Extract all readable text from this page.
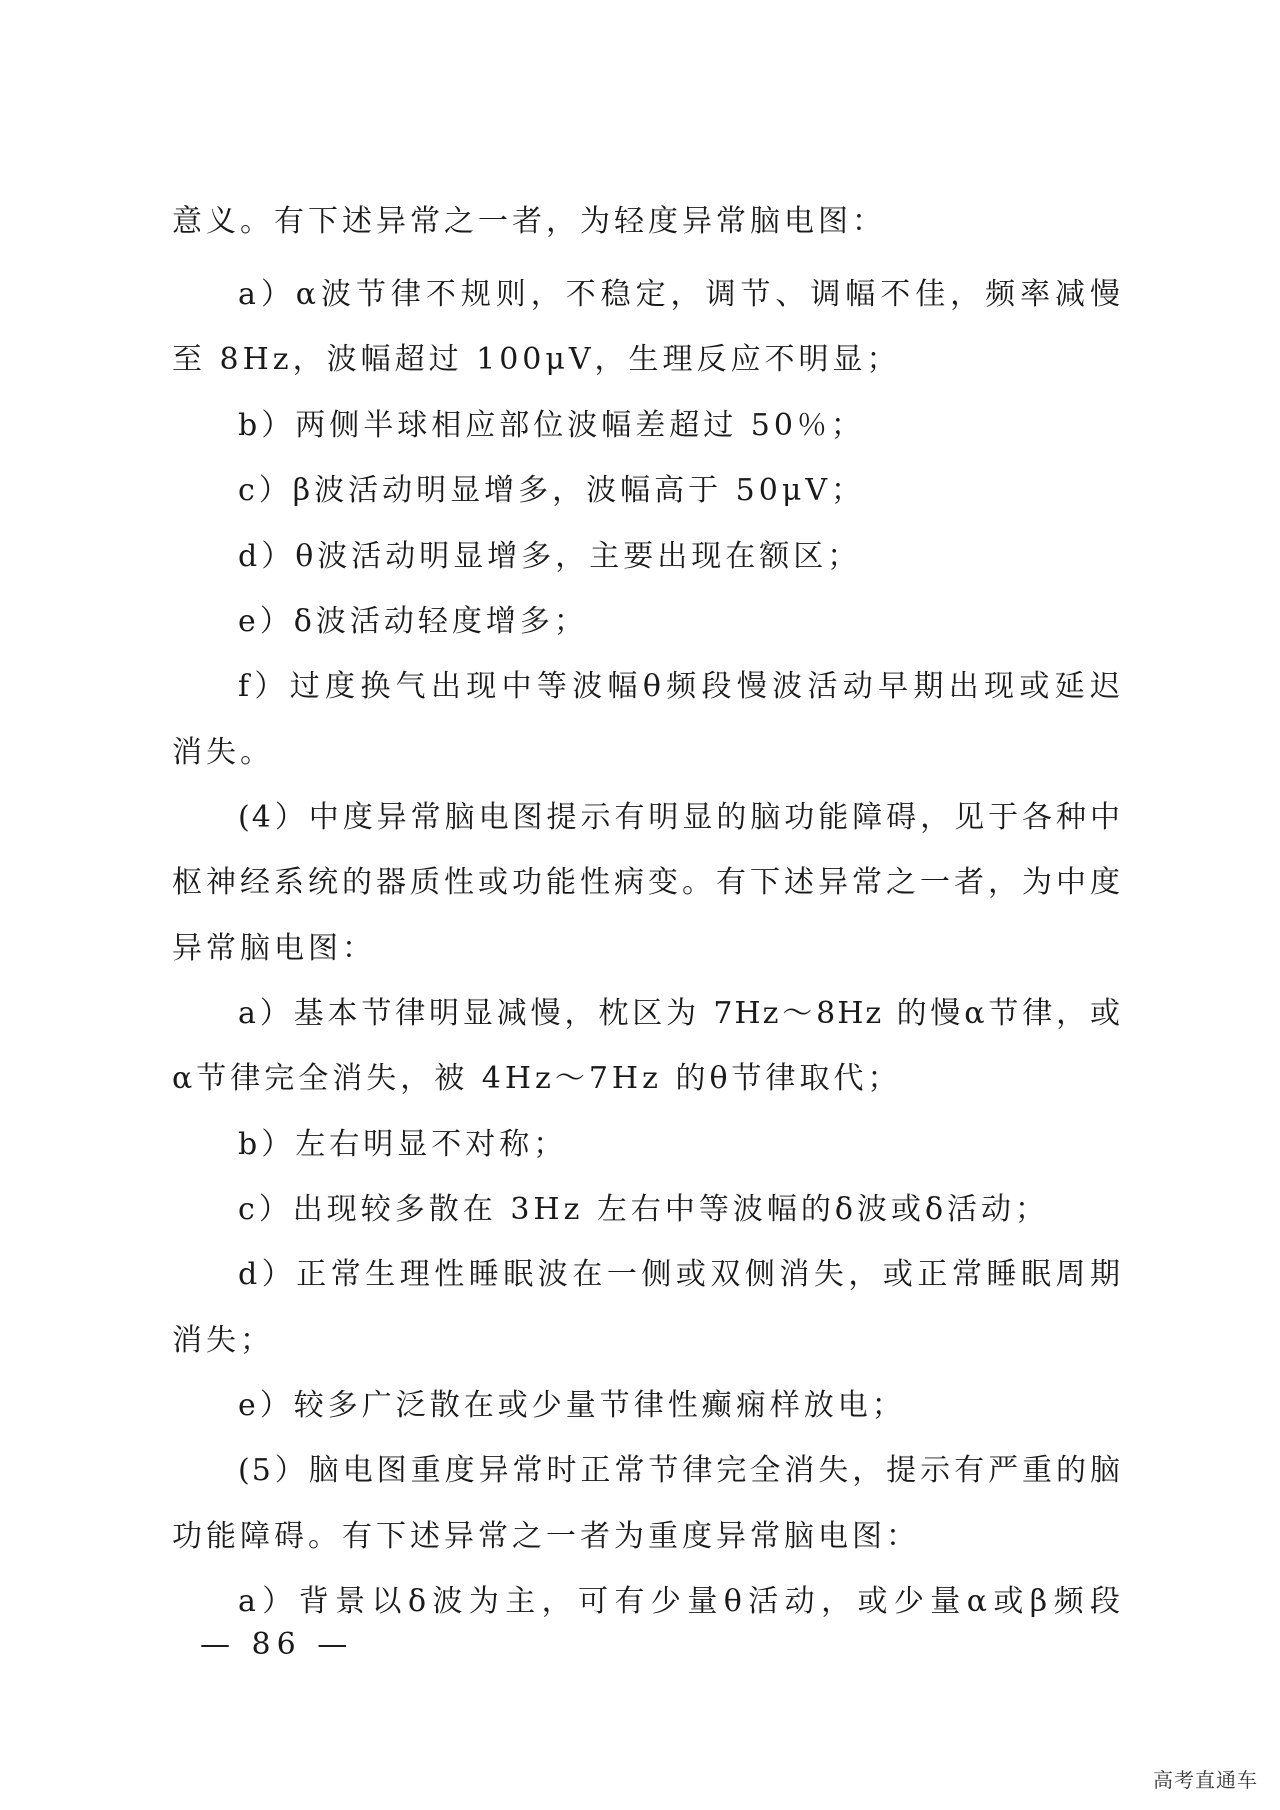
意义。有下述异常之一者，为轻度异常脑电图：
a）α波节律不规则，不稳定，调节、调幅不佳，频率减慢
至 8Hz，波幅超过 100μV，生理反应不明显；
b）两侧半球相应部位波幅差超过 50％；
c）β波活动明显增多，波幅高于 50μV；
d）θ波活动明显增多，主要出现在额区；
e）δ波活动轻度增多；
f）过度换气出现中等波幅θ频段慢波活动早期出现或延迟
消失。
(4）中度异常脑电图提示有明显的脑功能障碍，见于各种中
枢神经系统的器质性或功能性病变。有下述异常之一者，为中度
异常脑电图：
a）基本节律明显减慢，枕区为 7Hz～8Hz 的慢α节律，或
α节律完全消失，被 4Hz～7Hz 的θ节律取代；
b）左右明显不对称；
c）出现较多散在 3Hz 左右中等波幅的δ波或δ活动；
d）正常生理性睡眠波在一侧或双侧消失，或正常睡眠周期
消失；
e）较多广泛散在或少量节律性癫痫样放电；
(5）脑电图重度异常时正常节律完全消失，提示有严重的脑
功能障碍。有下述异常之一者为重度异常脑电图：
a）背景以δ波为主，可有少量θ活动，或少量α或β频段
— 86 —
高考直通车
